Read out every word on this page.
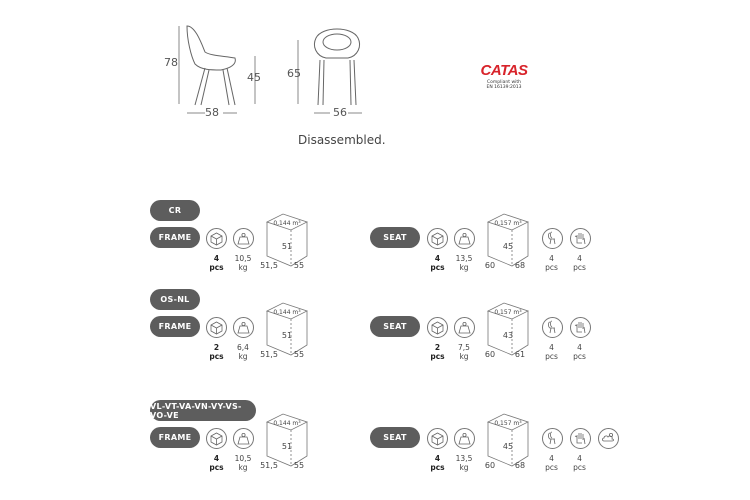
78
45
58
65
56
CATAS
Compliant with
EN 16139:2013
Disassembled.
CR
FRAME
4
pcs
10,5
kg
0,144 m³
51
51,5 55
SEAT
4
pcs
13,5
kg
0,157 m³
45
60 68
4
pcs
4
pcs
OS-NL
FRAME
2
pcs
6,4
kg
0,144 m³
51
51,5 55
SEAT
2
pcs
7,5
kg
0,157 m³
43
60 61
4
pcs
4
pcs
VL-VT-VA-VN-VY-VS-VO-VE
FRAME
4
pcs
10,5
kg
0,144 m³
51
51,5 55
SEAT
4
pcs
13,5
kg
0,157 m³
45
60 68
4
pcs
4
pcs
